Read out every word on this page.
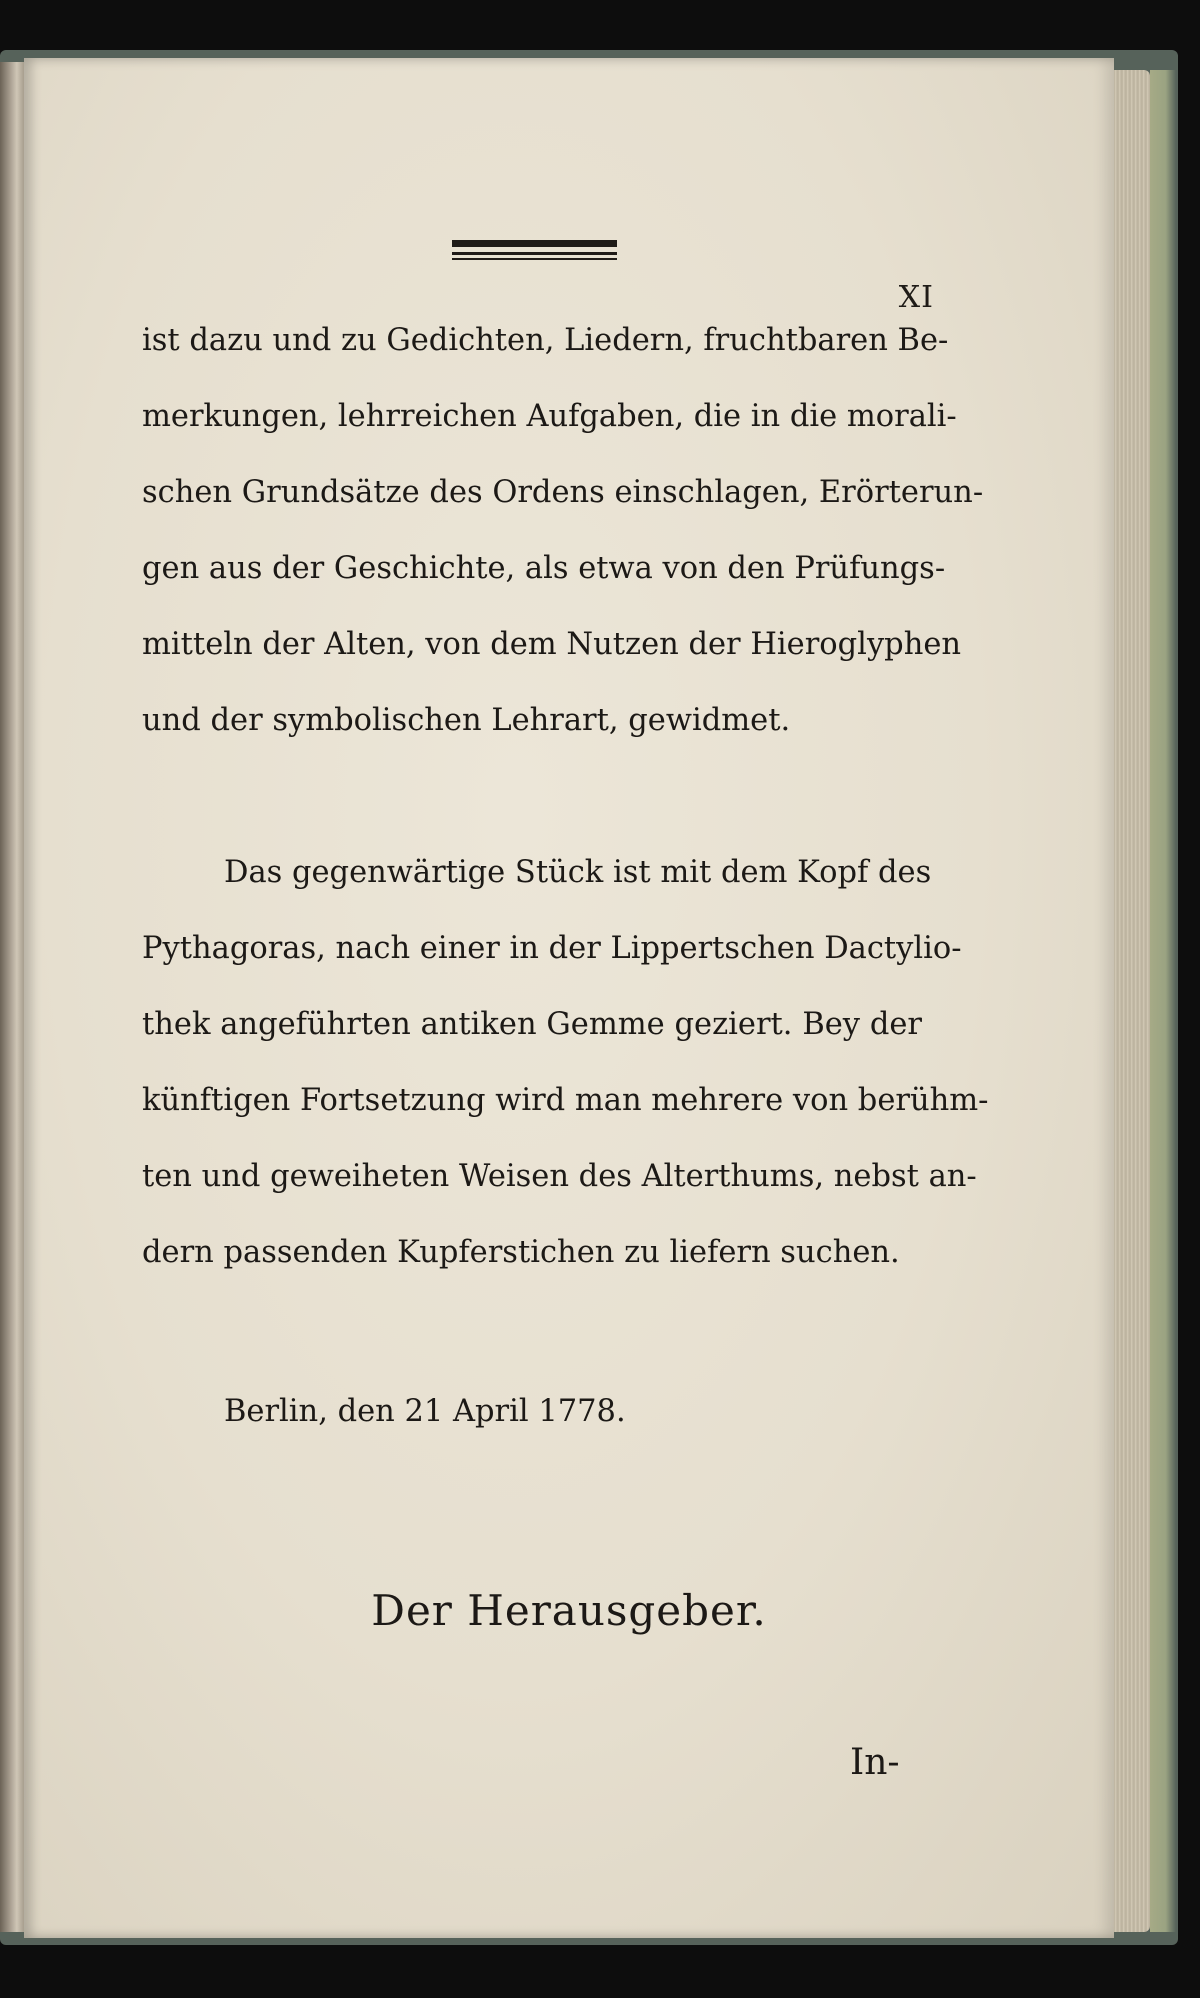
XI
ist dazu und zu Gedichten, Liedern, fruchtbaren Be-
merkungen, lehrreichen Aufgaben, die in die morali-
schen Grundsätze des Ordens einschlagen, Erörterun-
gen aus der Geschichte, als etwa von den Prüfungs-
mitteln der Alten, von dem Nutzen der Hieroglyphen
und der symbolischen Lehrart, gewidmet.
Das gegenwärtige Stück ist mit dem Kopf des
Pythagoras, nach einer in der Lippertschen Dactylio-
thek angeführten antiken Gemme geziert. Bey der
künftigen Fortsetzung wird man mehrere von berühm-
ten und geweiheten Weisen des Alterthums, nebst an-
dern passenden Kupferstichen zu liefern suchen.
Berlin, den 21 April 1778.
Der Herausgeber.
In-
